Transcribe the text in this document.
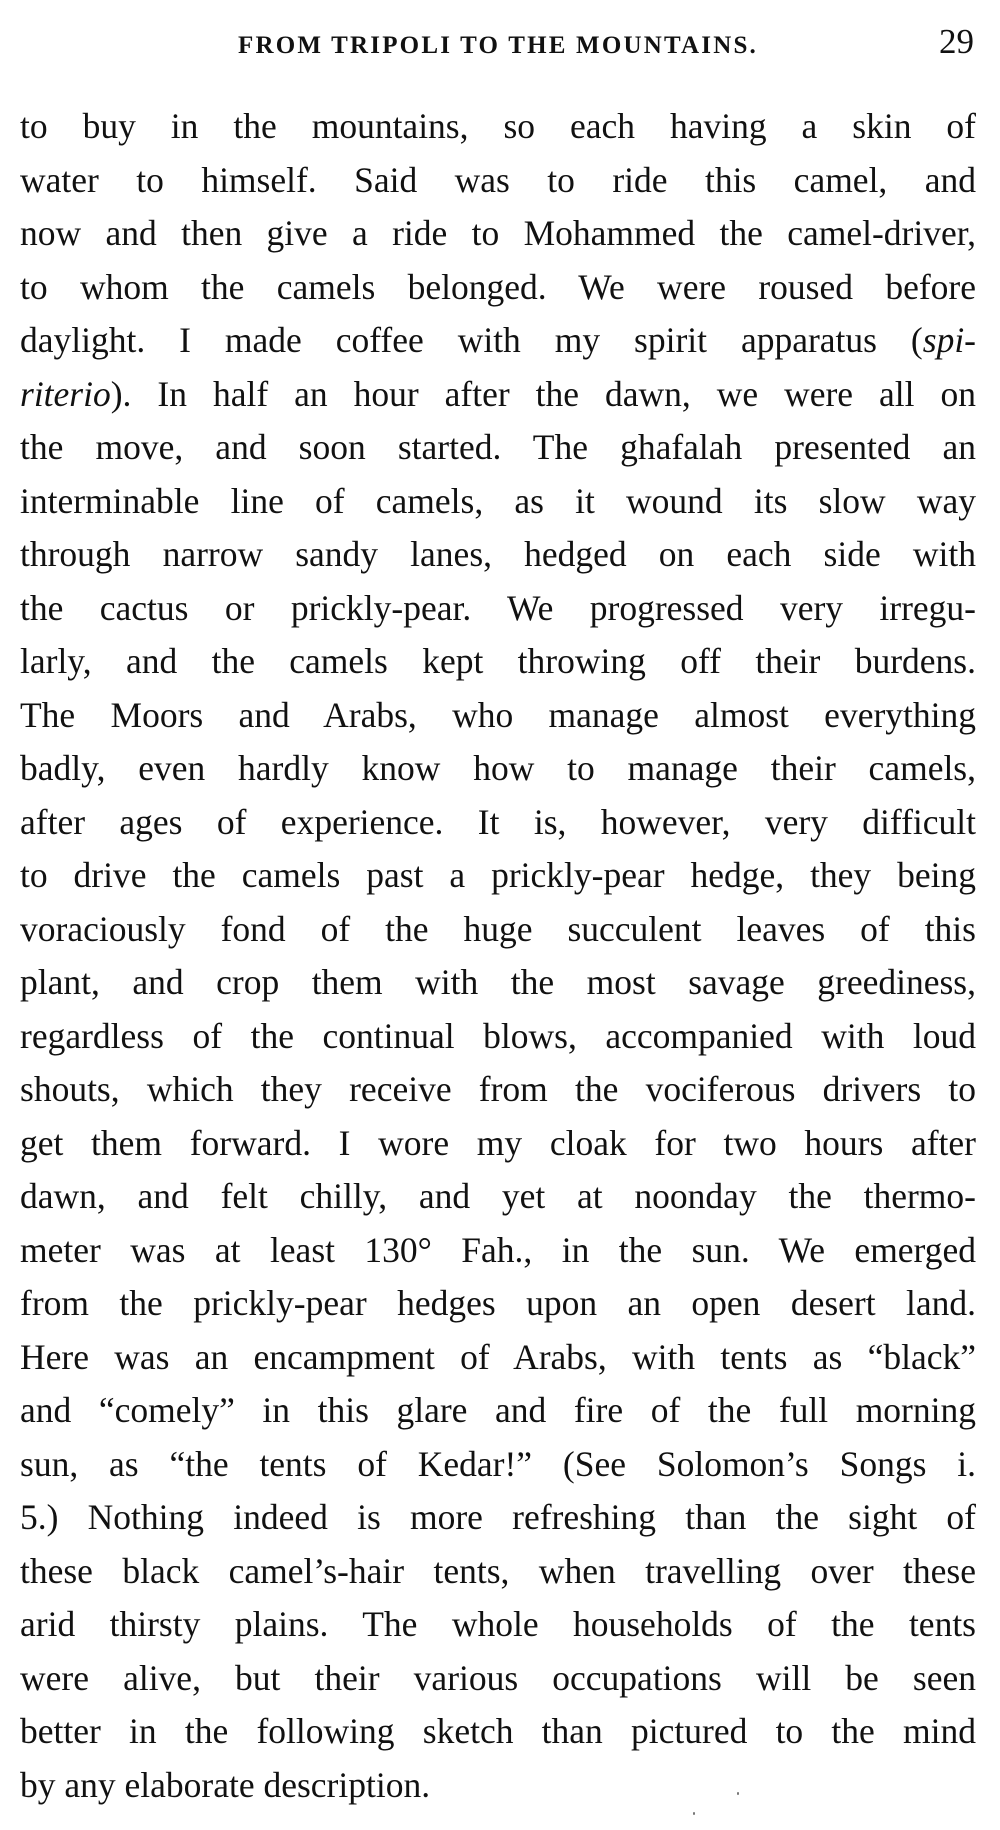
FROM TRIPOLI TO THE MOUNTAINS.	29
to buy in the mountains, so each having a skin of
water to himself. Said was to ride this camel, and
now and then give a ride to Mohammed the camel-driver,
to whom the camels belonged. We were roused before
daylight. I made coffee with my spirit apparatus (spi-
riterio). In half an hour after the dawn, we were all on
the move, and soon started. The ghafalah presented an
interminable line of camels, as it wound its slow way
through narrow sandy lanes, hedged on each side with
the cactus or prickly-pear. We progressed very irregu-
larly, and the camels kept throwing off their burdens.
The Moors and Arabs, who manage almost everything
badly, even hardly know how to manage their camels,
after ages of experience. It is, however, very difficult
to drive the camels past a prickly-pear hedge, they being
voraciously fond of the huge succulent leaves of this
plant, and crop them with the most savage greediness,
regardless of the continual blows, accompanied with loud
shouts, which they receive from the vociferous drivers to
get them forward. I wore my cloak for two hours after
dawn, and felt chilly, and yet at noonday the thermo-
meter was at least 130° Fah., in the sun. We emerged
from the prickly-pear hedges upon an open desert land.
Here was an encampment of Arabs, with tents as “black”
and “comely” in this glare and fire of the full morning
sun, as “the tents of Kedar!” (See Solomon’s Songs i.
5.) Nothing indeed is more refreshing than the sight of
these black camel’s-hair tents, when travelling over these
arid thirsty plains. The whole households of the tents
were alive, but their various occupations will be seen
better in the following sketch than pictured to the mind
by any elaborate description.
